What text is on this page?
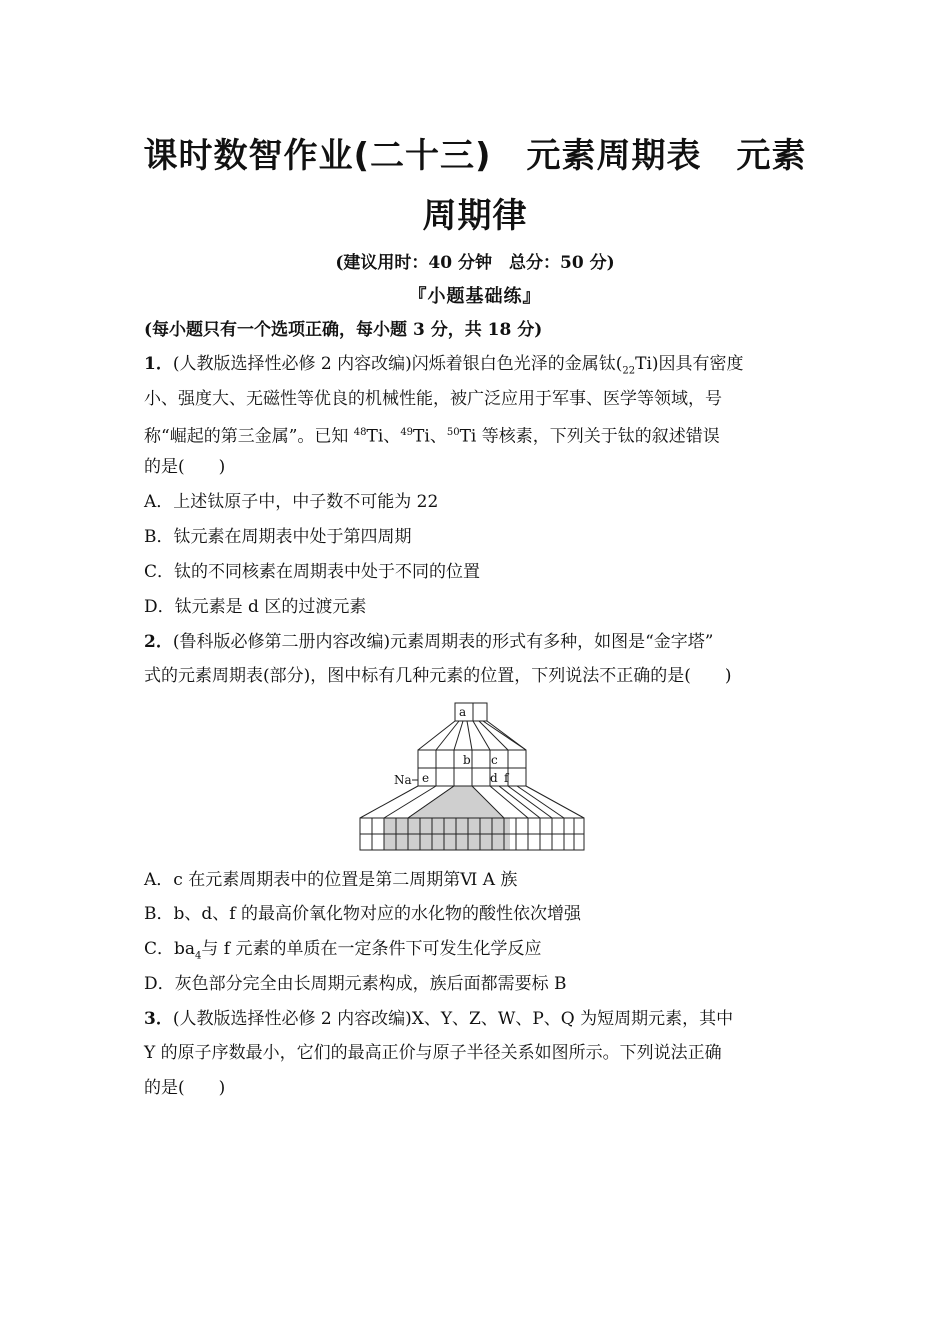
课时数智作业(二十三)　元素周期表　元素
周期律
(建议用时：40 分钟　总分：50 分)
『小题基础练』
(每小题只有一个选项正确，每小题 3 分，共 18 分)
1．(人教版选择性必修 2 内容改编)闪烁着银白色光泽的金属钛$(_{22}Ti)$因具有密度
小、强度大、无磁性等优良的机械性能，被广泛应用于军事、医学等领域，号
称“崛起的第三金属”。已知 $^{48}$Ti、$^{49}$Ti、$^{50}$Ti 等核素，下列关于钛的叙述错误
的是(　　)
A．上述钛原子中，中子数不可能为 22
B．钛元素在周期表中处于第四周期
C．钛的不同核素在周期表中处于不同的位置
D．钛元素是 d 区的过渡元素
2．(鲁科版必修第二册内容改编)元素周期表的形式有多种，如图是“金字塔”
式的元素周期表(部分)，图中标有几种元素的位置，下列说法不正确的是(　　)
a
b c
e	d f
Na
A．c 在元素周期表中的位置是第二周期第Ⅵ A 族
B．b、d、f 的最高价氧化物对应的水化物的酸性依次增强
C．$ba_4$与 f 元素的单质在一定条件下可发生化学反应
D．灰色部分完全由长周期元素构成，族后面都需要标 B
3．(人教版选择性必修 2 内容改编)X、Y、Z、W、P、Q 为短周期元素，其中
Y 的原子序数最小，它们的最高正价与原子半径关系如图所示。下列说法正确
的是(　　)
